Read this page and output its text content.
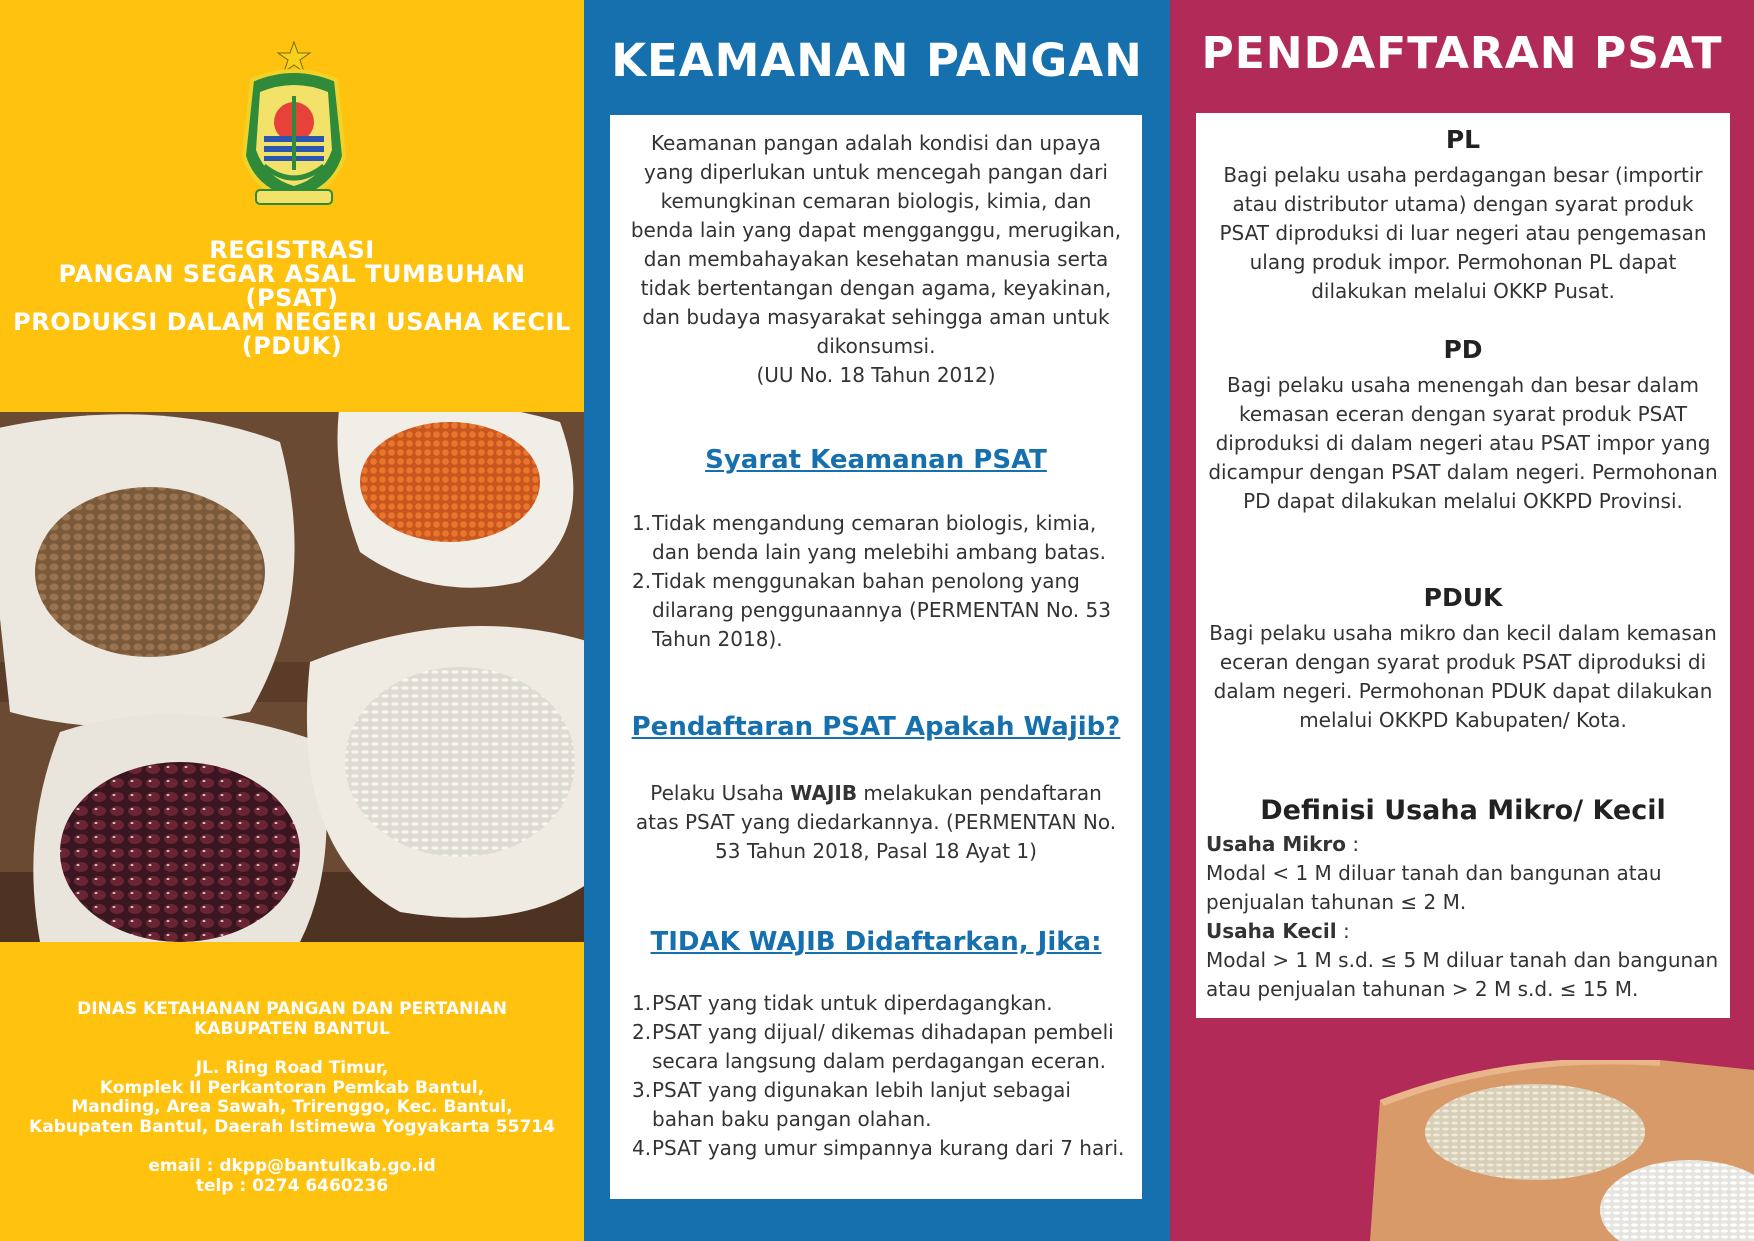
REGISTRASI
PANGAN SEGAR ASAL TUMBUHAN
(PSAT)
PRODUKSI DALAM NEGERI USAHA KECIL
(PDUK)
DINAS KETAHANAN PANGAN DAN PERTANIAN
KABUPATEN BANTUL
JL. Ring Road Timur,
Komplek II Perkantoran Pemkab Bantul,
Manding, Area Sawah, Trirenggo, Kec. Bantul,
Kabupaten Bantul, Daerah Istimewa Yogyakarta 55714
email : dkpp@bantulkab.go.id
telp : 0274 6460236
KEAMANAN PANGAN
Keamanan pangan adalah kondisi dan upaya yang diperlukan untuk mencegah pangan dari kemungkinan cemaran biologis, kimia, dan benda lain yang dapat mengganggu, merugikan, dan membahayakan kesehatan manusia serta tidak bertentangan dengan agama, keyakinan, dan budaya masyarakat sehingga aman untuk dikonsumsi.
(UU No. 18 Tahun 2012)
Syarat Keamanan PSAT
1. Tidak mengandung cemaran biologis, kimia, dan benda lain yang melebihi ambang batas.
2. Tidak menggunakan bahan penolong yang dilarang penggunaannya (PERMENTAN No. 53 Tahun 2018).
Pendaftaran PSAT Apakah Wajib?
Pelaku Usaha WAJIB melakukan pendaftaran atas PSAT yang diedarkannya. (PERMENTAN No. 53 Tahun 2018, Pasal 18 Ayat 1)
TIDAK WAJIB Didaftarkan, Jika:
1. PSAT yang tidak untuk diperdagangkan.
2. PSAT yang dijual/ dikemas dihadapan pembeli secara langsung dalam perdagangan eceran.
3. PSAT yang digunakan lebih lanjut sebagai bahan baku pangan olahan.
4. PSAT yang umur simpannya kurang dari 7 hari.
PENDAFTARAN PSAT
PL

Bagi pelaku usaha perdagangan besar (importir atau distributor utama) dengan syarat produk PSAT diproduksi di luar negeri atau pengemasan ulang produk impor. Permohonan PL dapat dilakukan melalui OKKP Pusat.

PD

Bagi pelaku usaha menengah dan besar dalam kemasan eceran dengan syarat produk PSAT diproduksi di dalam negeri atau PSAT impor yang dicampur dengan PSAT dalam negeri. Permohonan PD dapat dilakukan melalui OKKPD Provinsi.

PDUK

Bagi pelaku usaha mikro dan kecil dalam kemasan eceran dengan syarat produk PSAT diproduksi di dalam negeri. Permohonan PDUK dapat dilakukan melalui OKKPD Kabupaten/ Kota.

Definisi Usaha Mikro/ Kecil
Usaha Mikro :
Modal < 1 M diluar tanah dan bangunan atau penjualan tahunan ≤ 2 M.
Usaha Kecil :
Modal > 1 M s.d. ≤ 5 M diluar tanah dan bangunan atau penjualan tahunan > 2 M s.d. ≤ 15 M.
